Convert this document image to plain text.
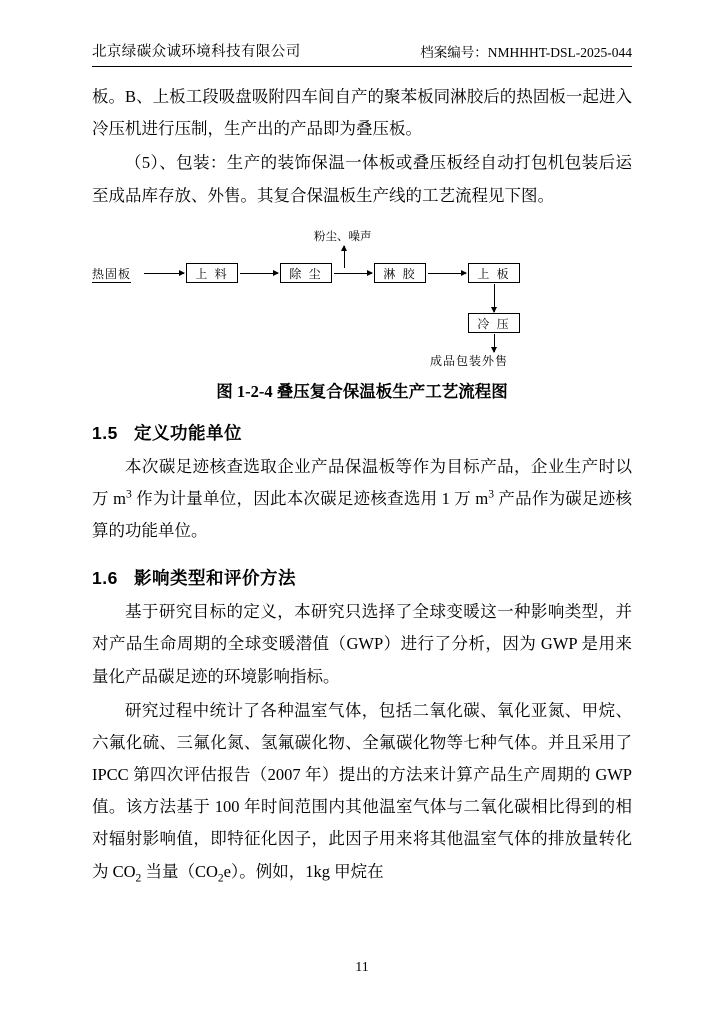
北京绿碳众诚环境科技有限公司	档案编号：NMHHHT-DSL-2025-044

板。B、上板工段吸盘吸附四车间自产的聚苯板同淋胶后的热固板一起进入冷压机进行压制，生产出的产品即为叠压板。

（5）、包装：生产的装饰保温一体板或叠压板经自动打包机包装后运至成品库存放、外售。其复合保温板生产线的工艺流程见下图。

粉尘、噪声
热固板	上 料	除 尘	淋 胶	上 板
冷 压
成品包装外售
图 1-2-4 叠压复合保温板生产工艺流程图
1.5 定义功能单位

本次碳足迹核查选取企业产品保温板等作为目标产品，企业生产时以万 $m^3$ 作为计量单位，因此本次碳足迹核查选用 1 万 $m^3$ 产品作为碳足迹核算的功能单位。

1.6 影响类型和评价方法

基于研究目标的定义，本研究只选择了全球变暖这一种影响类型，并对产品生命周期的全球变暖潜值（GWP）进行了分析，因为 GWP 是用来量化产品碳足迹的环境影响指标。

研究过程中统计了各种温室气体，包括二氧化碳、氧化亚氮、甲烷、六氟化硫、三氟化氮、氢氟碳化物、全氟碳化物等七种气体。并且采用了 IPCC 第四次评估报告（2007 年）提出的方法来计算产品生产周期的 GWP 值。该方法基于 100 年时间范围内其他温室气体与二氧化碳相比得到的相对辐射影响值，即特征化因子，此因子用来将其他温室气体的排放量转化为 $CO_2$ 当量$(CO_2e)$。例如，1kg 甲烷在

11
